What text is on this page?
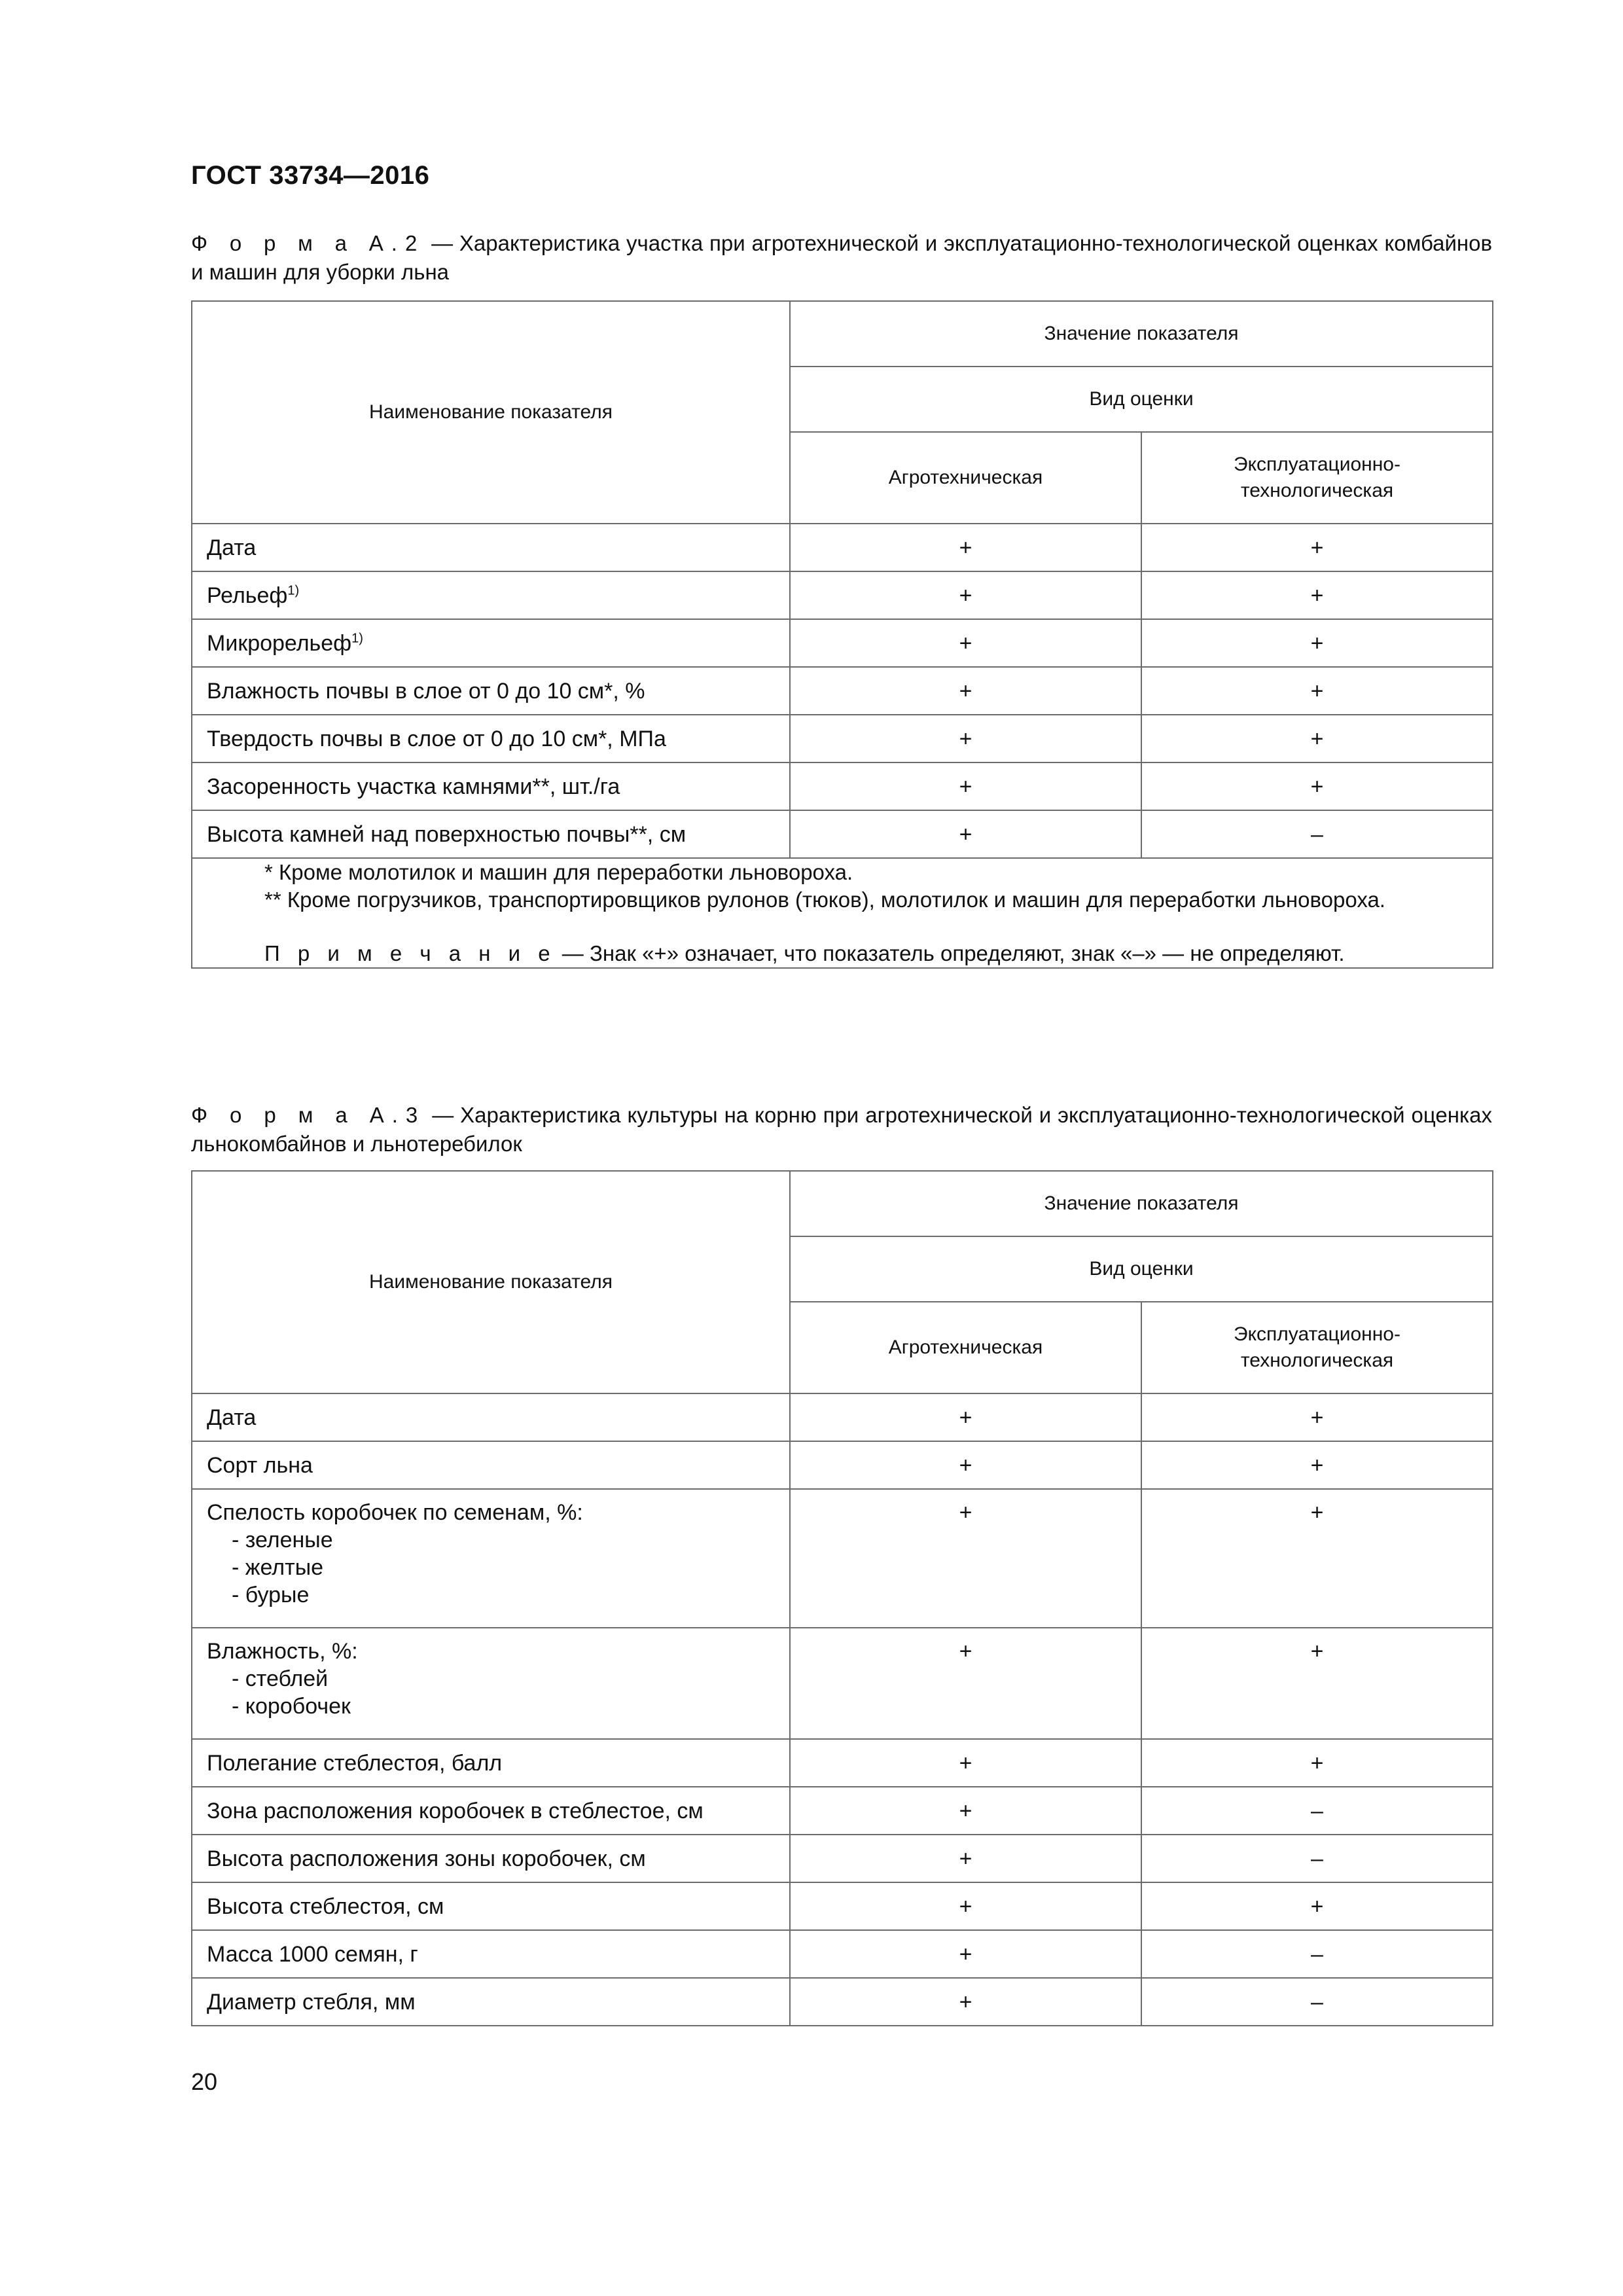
ГОСТ 33734—2016
Ф о р м а А.2 — Характеристика участка при агротехнической и эксплуатационно-технологической оценках комбайнов и машин для уборки льна
Наименование показателя	Значение показателя	
	Вид оценки	
	Агротехническая	Эксплуатационно-
технологическая
Дата	+	+
Рельеф$^{1)}$	+	+
Микрорельеф$^{1)}$	+	+
Влажность почвы в слое от 0 до 10 см*, %	+	+
Твердость почвы в слое от 0 до 10 см*, МПа	+	+
Засоренность участка камнями**, шт./га	+	+
Высота камней над поверхностью почвы**, см	+	–

* Кроме молотилок и машин для переработки льновороха.
** Кроме погрузчиков, транспортировщиков рулонов (тюков), молотилок и машин для переработки льновороха.
П р и м е ч а н и е — Знак «+» означает, что показатель определяют, знак «–» — не определяют.		
Ф о р м а А.3 — Характеристика культуры на корню при агротехнической и эксплуатационно-технологической оценках льнокомбайнов и льнотеребилок
Наименование показателя	Значение показателя	
	Вид оценки	
	Агротехническая	Эксплуатационно-
технологическая
Дата	+	+
Сорт льна	+	+
Спелость коробочек по семенам, %:
- зеленые
- желтые
- бурые	+	+
Влажность, %:
- стеблей
- коробочек	+	+
Полегание стеблестоя, балл	+	+
Зона расположения коробочек в стеблестое, см	+	–
Высота расположения зоны коробочек, см	+	–
Высота стеблестоя, см	+	+
Масса 1000 семян, г	+	–
Диаметр стебля, мм	+	–
20
